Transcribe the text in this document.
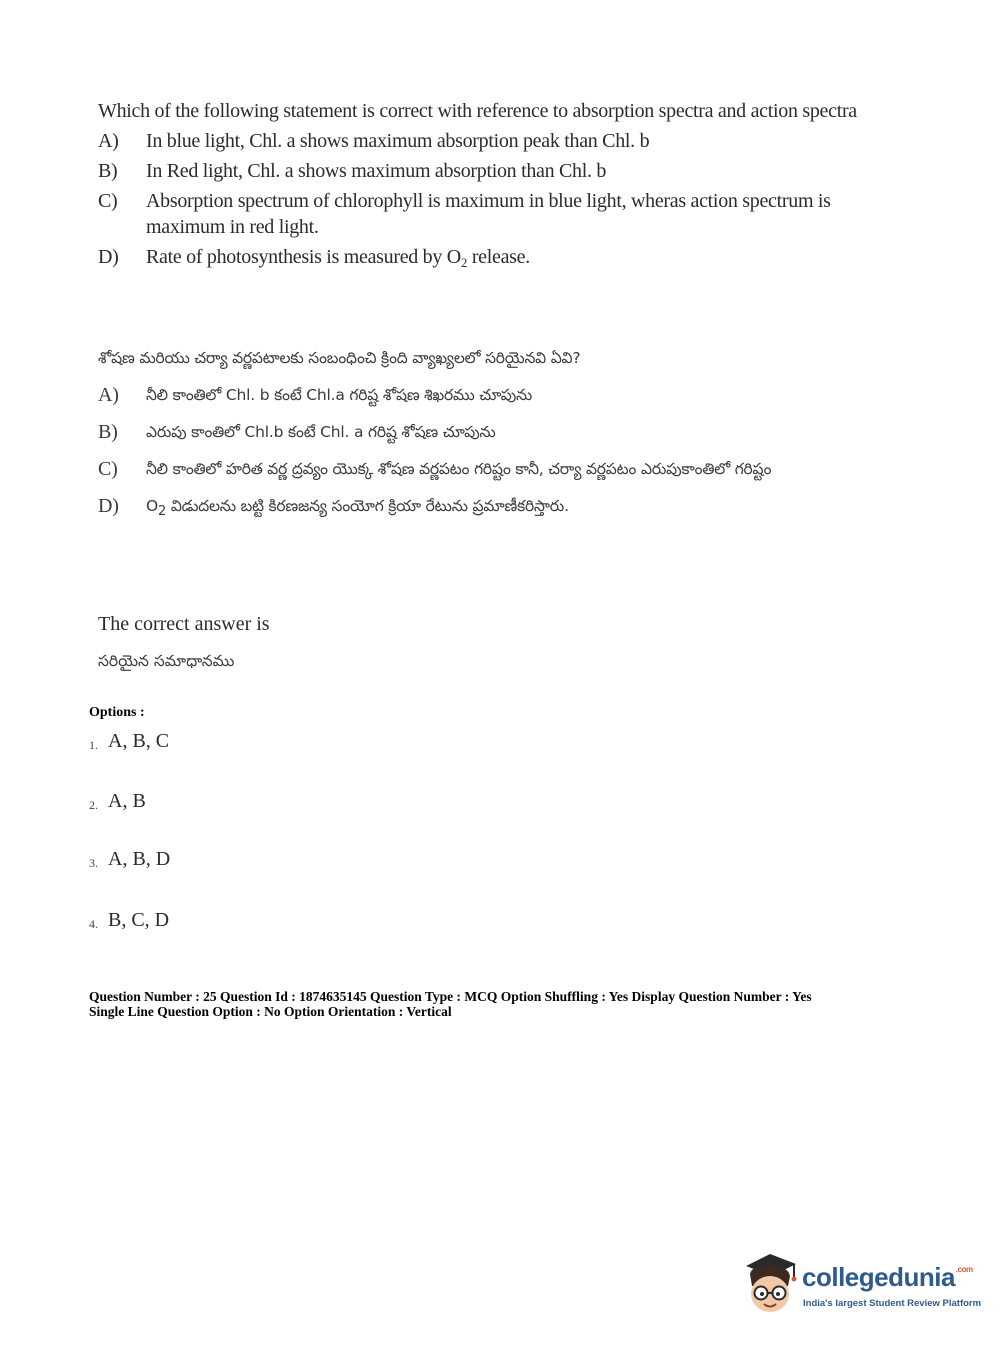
Which of the following statement is correct with reference to absorption spectra and action spectra
A)	In blue light, Chl. a shows maximum absorption peak than Chl. b
B)	In Red light, Chl. a shows maximum absorption than Chl. b
C)	Absorption spectrum of chlorophyll is maximum in blue light, wheras action spectrum is maximum in red light.
D)	Rate of photosynthesis is measured by $O_2$ release.
శోషణ మరియు చర్యా వర్ణపటాలకు సంబంధించి క్రింది వ్యాఖ్యలలో సరియైనవి ఏవి?
A)	నీలి కాంతిలో Chl. b కంటే Chl.a గరిష్ట శోషణ శిఖరము చూపును
B)	ఎరుపు కాంతిలో Chl.b కంటే Chl. a గరిష్ట శోషణ చూపును
C)	నీలి కాంతిలో హరిత వర్ణ ద్రవ్యం యొక్క శోషణ వర్ణపటం గరిష్టం కానీ, చర్యా వర్ణపటం ఎరుపుకాంతిలో గరిష్టం
D)	$O_2$ విడుదలను బట్టి కిరణజన్య సంయోగ క్రియా రేటును ప్రమాణీకరిస్తారు.
The correct answer is
సరియైన సమాధానము
Options :
1. A, B, C
2. A, B
3. A, B, D
4. B, C, D
Question Number : 25 Question Id : 1874635145 Question Type : MCQ Option Shuffling : Yes Display Question Number : Yes
Single Line Question Option : No Option Orientation : Vertical
collegedunia$^{.com}$
India's largest Student Review Platform
